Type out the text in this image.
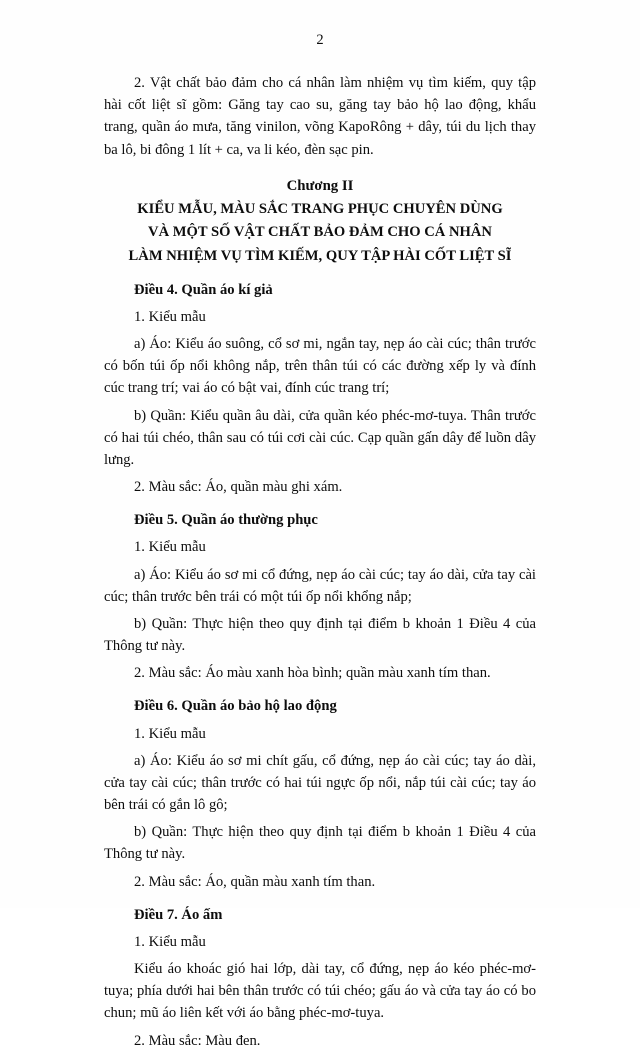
2

2. Vật chất bảo đảm cho cá nhân làm nhiệm vụ tìm kiếm, quy tập hài cốt liệt sĩ gồm: Găng tay cao su, găng tay bảo hộ lao động, khẩu trang, quần áo mưa, tăng vinilon, võng KapoRông + dây, túi du lịch thay ba lô, bi đông 1 lít + ca, va li kéo, đèn sạc pin.

Chương II

KIỂU MẪU, MÀU SẮC TRANG PHỤC CHUYÊN DÙNG

VÀ MỘT SỐ VẬT CHẤT BẢO ĐẢM CHO CÁ NHÂN

LÀM NHIỆM VỤ TÌM KIẾM, QUY TẬP HÀI CỐT LIỆT SĨ

Điều 4. Quần áo kí giả

1. Kiểu mẫu

a) Áo: Kiểu áo suông, cổ sơ mi, ngắn tay, nẹp áo cài cúc; thân trước có bốn túi ốp nổi không nắp, trên thân túi có các đường xếp ly và đính cúc trang trí; vai áo có bật vai, đính cúc trang trí;

b) Quần: Kiểu quần âu dài, cửa quần kéo phéc-mơ-tuya. Thân trước có hai túi chéo, thân sau có túi cơi cài cúc. Cạp quần gấn dây để luồn dây lưng.

2. Màu sắc: Áo, quần màu ghi xám.

Điều 5. Quần áo thường phục

1. Kiểu mẫu

a) Áo: Kiểu áo sơ mi cổ đứng, nẹp áo cài cúc; tay áo dài, cửa tay cài cúc; thân trước bên trái có một túi ốp nổi khổng nắp;

b) Quần: Thực hiện theo quy định tại điểm b khoản 1 Điều 4 của Thông tư này.

2. Màu sắc: Áo màu xanh hòa bình; quần màu xanh tím than.

Điều 6. Quần áo bảo hộ lao động

1. Kiểu mẫu

a) Áo: Kiểu áo sơ mi chít gấu, cổ đứng, nẹp áo cài cúc; tay áo dài, cửa tay cài cúc; thân trước có hai túi ngực ốp nổi, nắp túi cài cúc; tay áo bên trái có gắn lô gô;

b) Quần: Thực hiện theo quy định tại điểm b khoản 1 Điều 4 của Thông tư này.

2. Màu sắc: Áo, quần màu xanh tím than.

Điều 7. Áo ấm

1. Kiểu mẫu

Kiểu áo khoác gió hai lớp, dài tay, cổ đứng, nẹp áo kéo phéc-mơ-tuya; phía dưới hai bên thân trước có túi chéo; gấu áo và cửa tay áo có bo chun; mũ áo liên kết với áo bằng phéc-mơ-tuya.

2. Màu sắc: Màu đen.
